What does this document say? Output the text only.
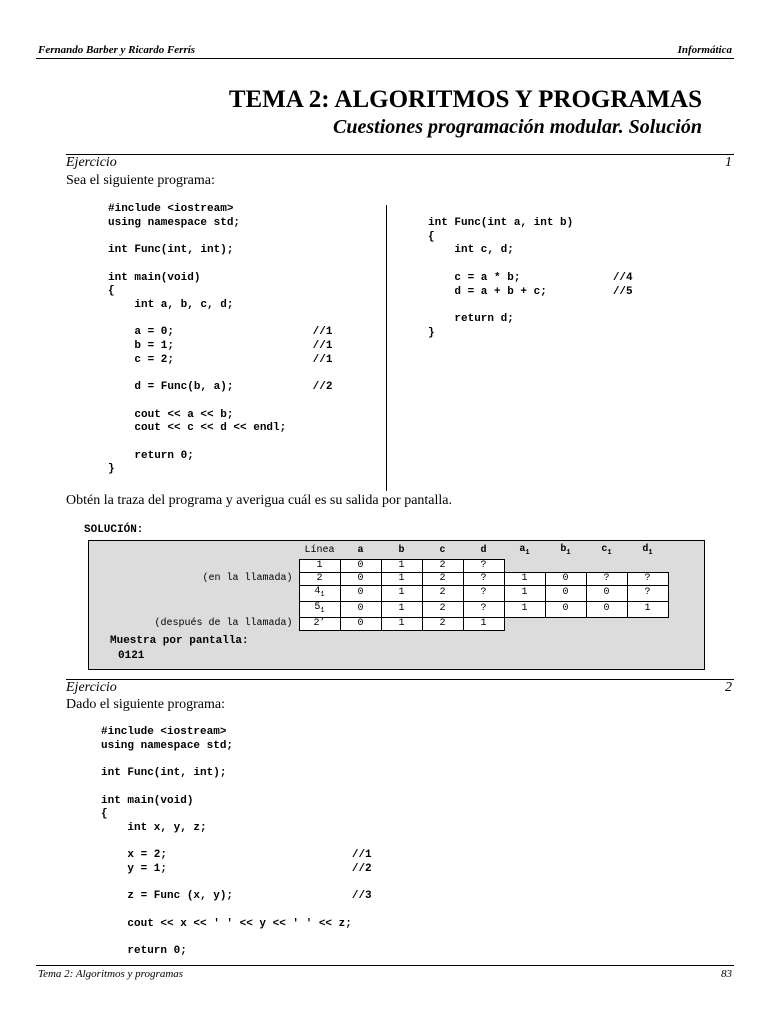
Fernando Barber y Ricardo Ferrís	Informática
TEMA 2: ALGORITMOS Y PROGRAMAS
Cuestiones programación modular. Solución
Ejercicio	1
Sea el siguiente programa:
#include <iostream>
using namespace std;

int Func(int, int);

int main(void)
{
int a, b, c, d;

a = 0;                     //1
b = 1;                     //1
c = 2;                     //1

d = Func(b, a);            //2

cout << a << b;
cout << c << d << endl;

return 0;
}
int Func(int a, int b)
{
int c, d;

c = a * b;              //4
d = a + b + c;          //5

return d;
}
Obtén la traza del programa y averigua cuál es su salida por pantalla.
SOLUCIÓN:
	Línea	a	b	c	d	$a_1$	$b_1$	$c_1$	$d_1$
	1	0	1	2	?				
(en la llamada)	2	0	1	2	?	1	0	?	?
	$4_1$	0	1	2	?	1	0	0	?
	$5_1$	0	1	2	?	1	0	0	1
(después de la llamada)	2’	0	1	2	1				
Muestra por pantalla:
0121
Ejercicio	2
Dado el siguiente programa:
#include <iostream>
using namespace std;

int Func(int, int);

int main(void)
{
int x, y, z;

x = 2;                            //1
y = 1;                            //2

z = Func (x, y);                  //3

cout << x << ' ' << y << ' ' << z;

return 0;
Tema 2: Algoritmos y programas	83
